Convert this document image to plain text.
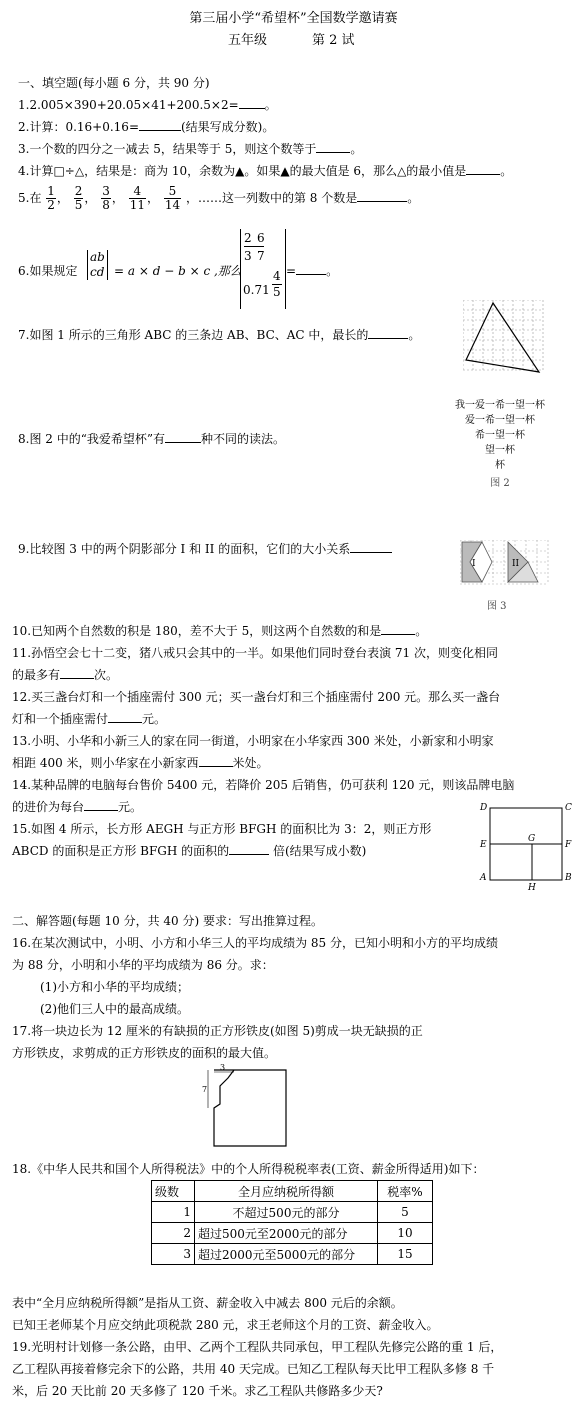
第三届小学“希望杯”全国数学邀请赛
五年级	第 2 试
一、填空题(每小题 6 分，共 90 分)
1.2.005×390+20.05×41+200.5×2= 。
2.计算：0.16+0.16=	(结果写成分数)。
3.一个数的四分之一减去 5，结果等于 5，则这个数等于	。
4.计算□÷△，结果是：商为 10，余数为▲。如果▲的最大值是 6，那么△的最小值是	。
5.在 $\frac{1}{2}$ ， $\frac{2}{5}$ ， $\frac{3}{8}$ ， $\frac{4}{11}$ ， $\frac{5}{14}$ ，……这一列数中的第 8 个数是	。
6.如果规定
ab
cd = a × d − b × c ,那么
2 6
3 7
0.71
4
5
=	。
7.如图 1 所示的三角形 ABC 的三条边 AB、BC、AC 中，最长的	。
8.图 2 中的“我爱希望杯”有	种不同的读法。
我一爱一希一望一杯
爱一希一望一杯
希一望一杯
望一杯
杯
图 2
9.比较图 3 中的两个阴影部分 I 和 II 的面积，它们的大小关系
I	II
图 3
10.已知两个自然数的积是 180，差不大于 5，则这两个自然数的和是	。
11.孙悟空会七十二变，猪八戒只会其中的一半。如果他们同时登台表演 71 次，则变化相同
的最多有	次。
12.买三盏台灯和一个插座需付 300 元；买一盏台灯和三个插座需付 200 元。那么买一盏台
灯和一个插座需付	元。
13.小明、小华和小新三人的家在同一街道，小明家在小华家西 300 米处，小新家和小明家
相距 400 米，则小华家在小新家西	米处。
14.某种品牌的电脑每台售价 5400 元，若降价 205 后销售，仍可获利 120 元，则该品牌电脑
的进价为每台	元。
15.如图 4 所示，长方形 AEGH 与正方形 BFGH 的面积比为 3：2，则正方形
ABCD 的面积是正方形 BFGH 的面积的	倍(结果写成小数)
D	C
E
G
F
A
H
B
二、解答题(每题 10 分，共 40 分) 要求：写出推算过程。
16.在某次测试中，小明、小方和小华三人的平均成绩为 85 分，已知小明和小方的平均成绩
为 88 分，小明和小华的平均成绩为 86 分。求：
(1)小方和小华的平均成绩；
(2)他们三人中的最高成绩。
17.将一块边长为 12 厘米的有缺损的正方形铁皮(如图 5)剪成一块无缺损的正
方形铁皮，求剪成的正方形铁皮的面积的最大值。
3
7
18.《中华人民共和国个人所得税法》中的个人所得税税率表(工资、薪金所得适用)如下：
级数	全月应纳税所得额	税率%
1	不超过500元的部分	5
2	超过500元至2000元的部分	10
3	超过2000元至5000元的部分	15
表中“全月应纳税所得额”是指从工资、薪金收入中减去 800 元后的余额。
已知王老师某个月应交纳此项税款 280 元，求王老师这个月的工资、薪金收入。
19.光明村计划修一条公路，由甲、乙两个工程队共同承包，甲工程队先修完公路的重 1 后，
乙工程队再接着修完余下的公路，共用 40 天完成。已知乙工程队每天比甲工程队多修 8 千
米，后 20 天比前 20 天多修了 120 千米。求乙工程队共修路多少天?
